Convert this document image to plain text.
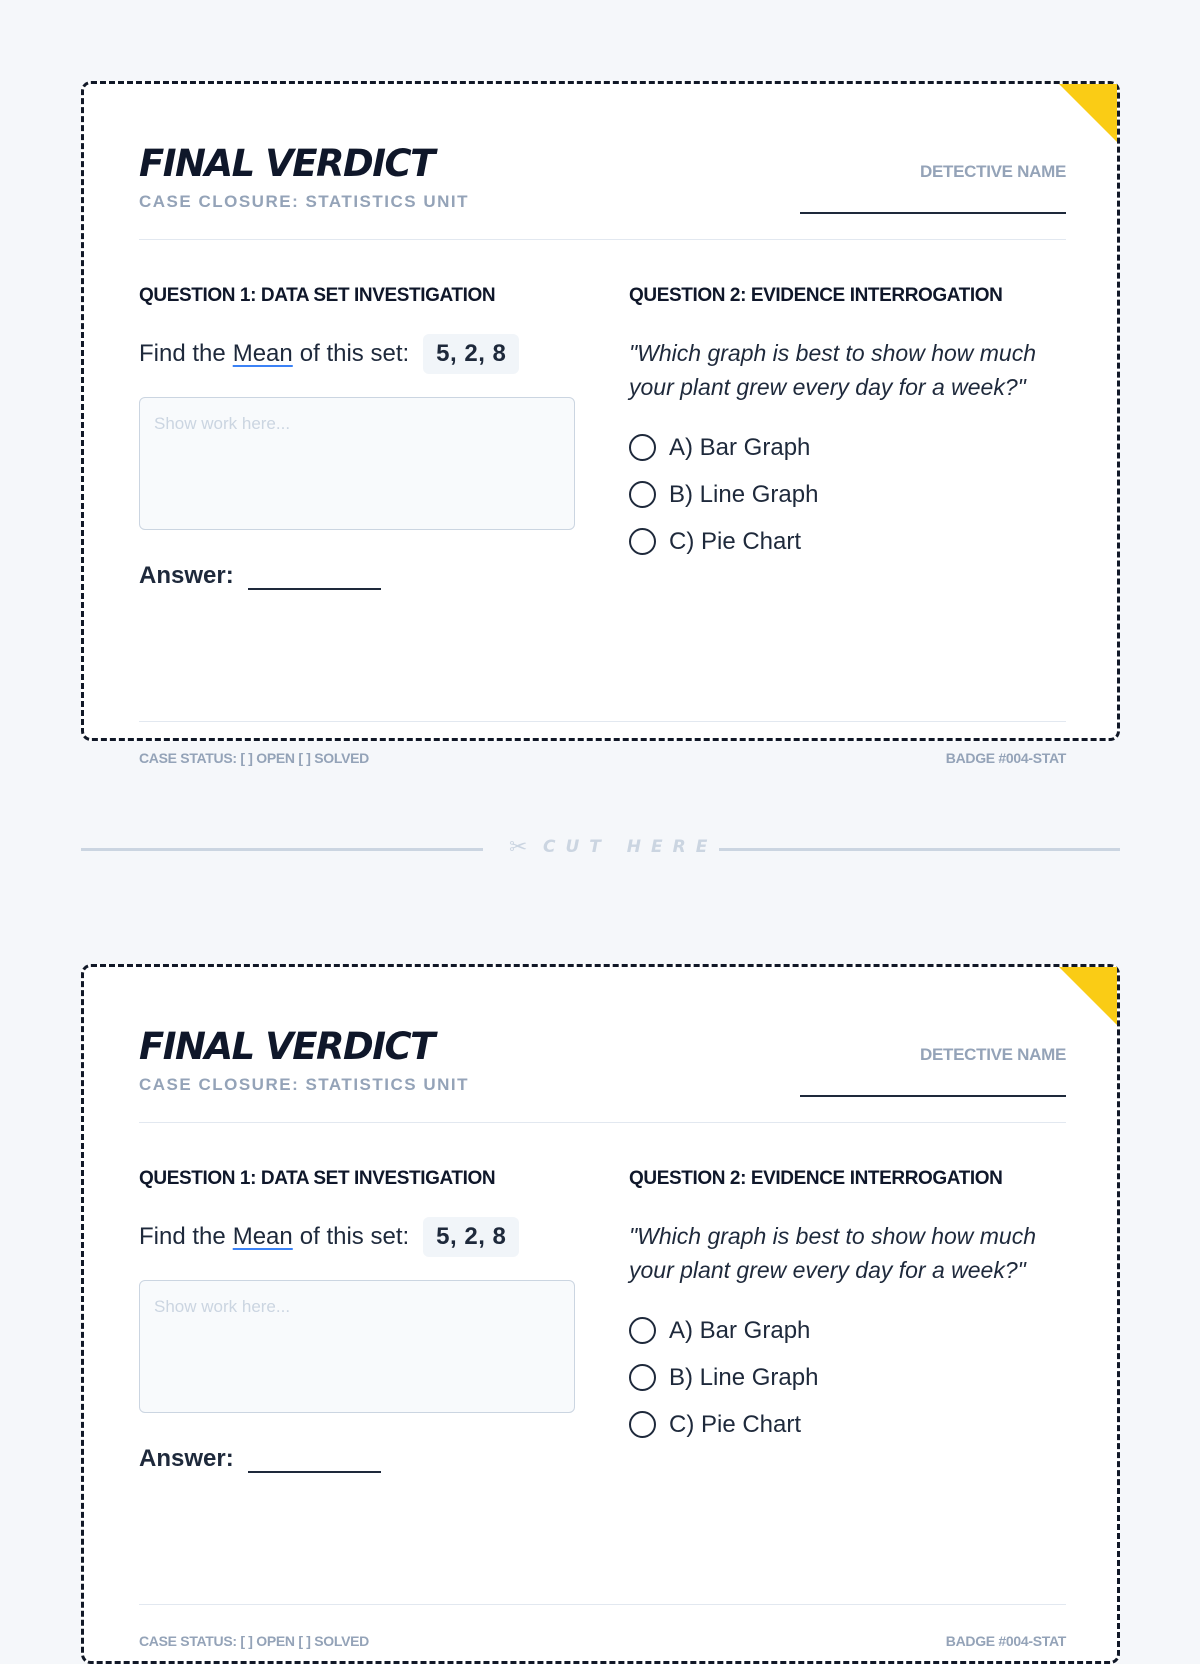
FINAL VERDICT
CASE CLOSURE: STATISTICS UNIT
DETECTIVE NAME
QUESTION 1: DATA SET INVESTIGATION
Find the Mean of this set:	5, 2, 8
Show work here...
Answer:
QUESTION 2: EVIDENCE INTERROGATION
"Which graph is best to show how much your plant grew every day for a week?"
A) Bar Graph
B) Line Graph
C) Pie Chart
CASE STATUS: [ ] OPEN [ ] SOLVED	BADGE #004-STAT
✂ CUT HERE
FINAL VERDICT
CASE CLOSURE: STATISTICS UNIT
DETECTIVE NAME
QUESTION 1: DATA SET INVESTIGATION
Find the Mean of this set:	5, 2, 8
Show work here...
Answer:
QUESTION 2: EVIDENCE INTERROGATION
"Which graph is best to show how much your plant grew every day for a week?"
A) Bar Graph
B) Line Graph
C) Pie Chart
CASE STATUS: [ ] OPEN [ ] SOLVED	BADGE #004-STAT
